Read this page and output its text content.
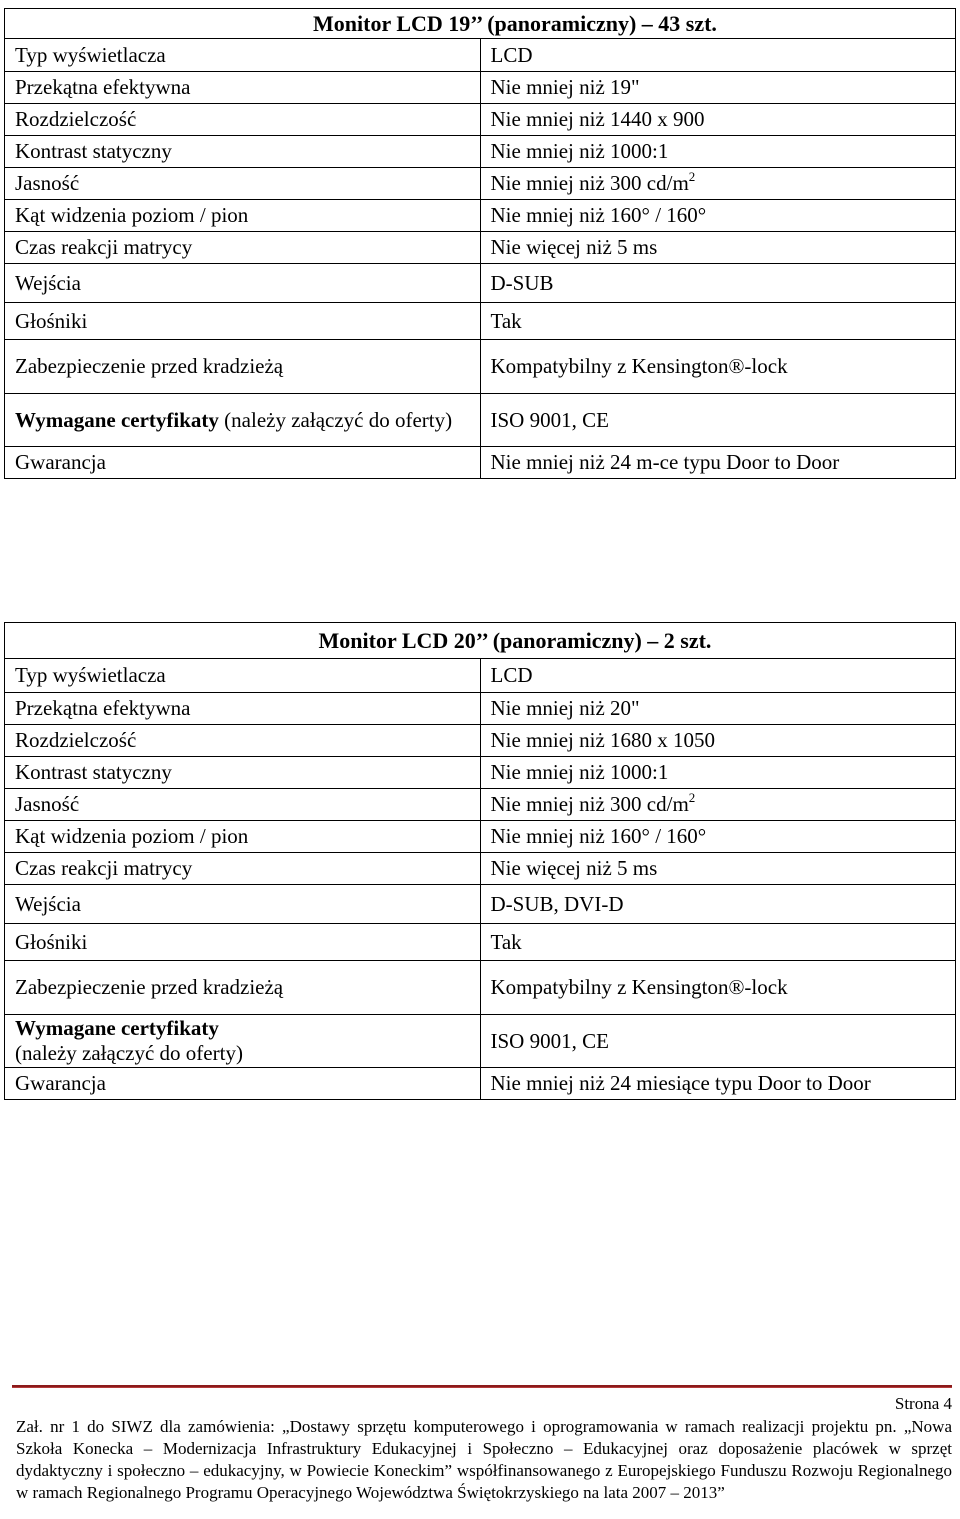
Monitor LCD 19’’ (panoramiczny) – 43 szt.	
Typ wyświetlacza	LCD
Przekątna efektywna	Nie mniej niż 19"
Rozdzielczość	Nie mniej niż 1440 x 900
Kontrast statyczny	Nie mniej niż 1000:1
Jasność	Nie mniej niż 300 $cd/m^2$
Kąt widzenia poziom / pion	Nie mniej niż 160° / 160°
Czas reakcji matrycy	Nie więcej niż 5 ms
Wejścia	D-SUB
Głośniki	Tak
Zabezpieczenie przed kradzieżą	Kompatybilny z Kensington®-lock
Wymagane certyfikaty (należy załączyć do oferty)	ISO 9001, CE
Gwarancja	Nie mniej niż 24 m-ce typu Door to Door
Monitor LCD 20’’ (panoramiczny) – 2 szt.	
Typ wyświetlacza	LCD
Przekątna efektywna	Nie mniej niż 20"
Rozdzielczość	Nie mniej niż 1680 x 1050
Kontrast statyczny	Nie mniej niż 1000:1
Jasność	Nie mniej niż 300 $cd/m^2$
Kąt widzenia poziom / pion	Nie mniej niż 160° / 160°
Czas reakcji matrycy	Nie więcej niż 5 ms
Wejścia	D-SUB, DVI-D
Głośniki	Tak
Zabezpieczenie przed kradzieżą	Kompatybilny z Kensington®-lock
Wymagane certyfikaty
(należy załączyć do oferty)	ISO 9001, CE
Gwarancja	Nie mniej niż 24 miesiące typu Door to Door
Strona 4
Zał. nr 1 do SIWZ dla zamówienia: „Dostawy sprzętu komputerowego i oprogramowania w ramach realizacji projektu pn. „Nowa Szkoła Konecka – Modernizacja Infrastruktury Edukacyjnej i Społeczno – Edukacyjnej oraz doposażenie placówek w sprzęt dydaktyczny i społeczno – edukacyjny, w Powiecie Koneckim” współfinansowanego z Europejskiego Funduszu Rozwoju Regionalnego w ramach Regionalnego Programu Operacyjnego Województwa Świętokrzyskiego na lata 2007 – 2013”
